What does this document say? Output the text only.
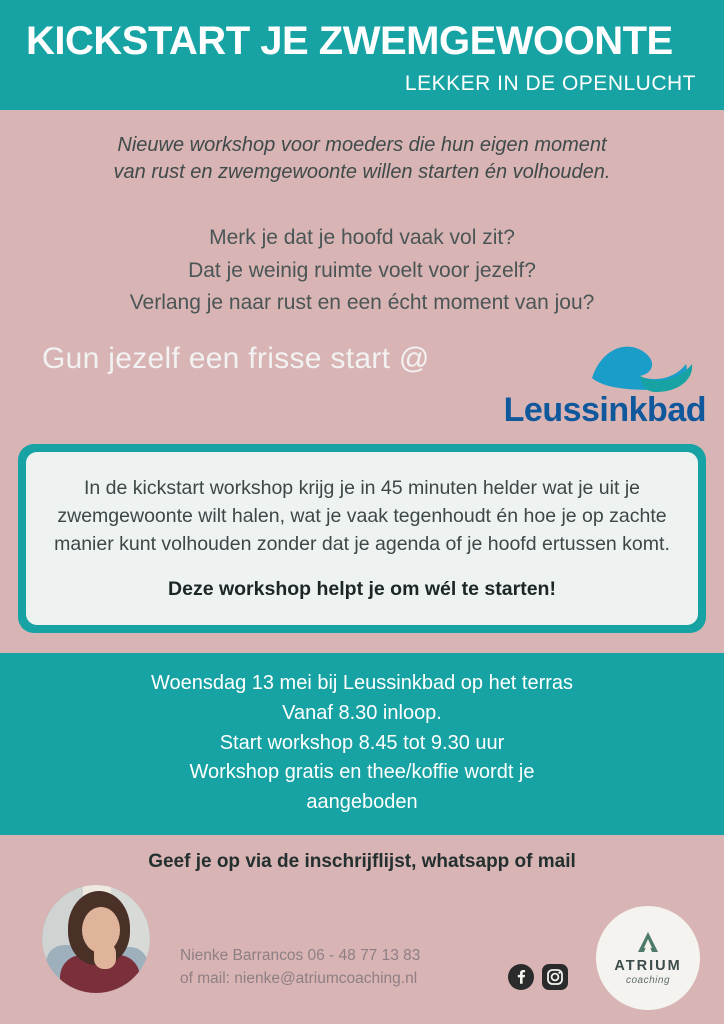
KICKSTART JE ZWEMGEWOONTE
LEKKER IN DE OPENLUCHT
Nieuwe workshop voor moeders die hun eigen moment
van rust en zwemgewoonte willen starten én volhouden.
Merk je dat je hoofd vaak vol zit?
Dat je weinig ruimte voelt voor jezelf?
Verlang je naar rust en een écht moment van jou?
Gun jezelf een frisse start @
Leussinkbad
In de kickstart workshop krijg je in 45 minuten helder wat je uit je zwemgewoonte wilt halen, wat je vaak tegenhoudt én hoe je op zachte manier kunt volhouden zonder dat je agenda of je hoofd ertussen komt.
Deze workshop helpt je om wél te starten!
Woensdag 13 mei bij Leussinkbad op het terras
Vanaf 8.30 inloop.
Start workshop 8.45 tot 9.30 uur
Workshop gratis en thee/koffie wordt je
aangeboden
Geef je op via de inschrijflijst, whatsapp of mail
Nienke Barrancos 06 - 48 77 13 83
of mail: nienke@atriumcoaching.nl
ATRIUM
coaching
